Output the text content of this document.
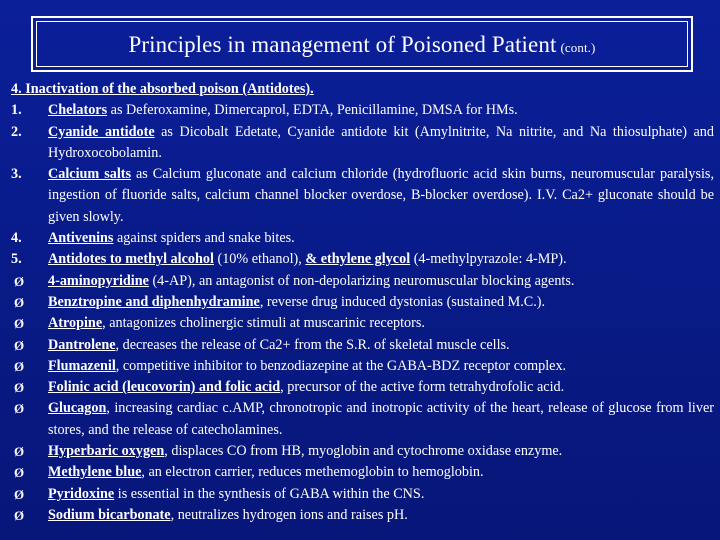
Principles in management of Poisoned Patient (cont.)
4. Inactivation of the absorbed poison (Antidotes).
1.	Chelators as Deferoxamine, Dimercaprol, EDTA, Penicillamine, DMSA for HMs.
2.	Cyanide antidote as Dicobalt Edetate, Cyanide antidote kit (Amylnitrite, Na nitrite, and Na thiosulphate) and Hydroxocobolamin.
3.	Calcium salts as Calcium gluconate and calcium chloride (hydrofluoric acid skin burns, neuromuscular paralysis, ingestion of fluoride salts, calcium channel blocker overdose, B-blocker overdose). I.V. Ca2+ gluconate should be given slowly.
4.	Antivenins against spiders and snake bites.
5.	Antidotes to methyl alcohol (10% ethanol), & ethylene glycol (4-methylpyrazole: 4-MP).
Ø	4-aminopyridine (4-AP), an antagonist of non-depolarizing neuromuscular blocking agents.
Ø	Benztropine and diphenhydramine, reverse drug induced dystonias (sustained M.C.).
Ø	Atropine, antagonizes cholinergic stimuli at muscarinic receptors.
Ø	Dantrolene, decreases the release of Ca2+ from the S.R. of skeletal muscle cells.
Ø	Flumazenil, competitive inhibitor to benzodiazepine at the GABA-BDZ receptor complex.
Ø	Folinic acid (leucovorin) and folic acid, precursor of the active form tetrahydrofolic acid.
Ø	Glucagon, increasing cardiac c.AMP, chronotropic and inotropic activity of the heart, release of glucose from liver stores, and the release of catecholamines.
Ø	Hyperbaric oxygen, displaces CO from HB, myoglobin and cytochrome oxidase enzyme.
Ø	Methylene blue, an electron carrier, reduces methemoglobin to hemoglobin.
Ø	Pyridoxine is essential in the synthesis of GABA within the CNS.
Ø	Sodium bicarbonate, neutralizes hydrogen ions and raises pH.
